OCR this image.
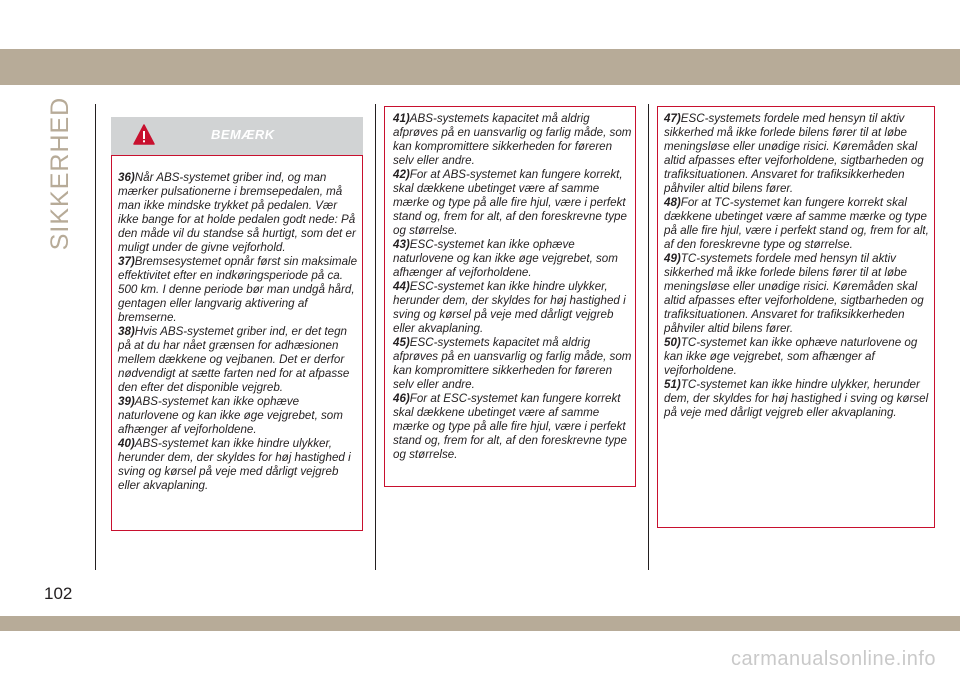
SIKKERHED	BEMÆRK

36)Når ABS-systemet griber ind, og man mærker pulsationerne i bremsepedalen, må man ikke mindske trykket på pedalen. Vær ikke bange for at holde pedalen godt nede: På den måde vil du standse så hurtigt, som det er muligt under de givne vejforhold.

37)Bremsesystemet opnår først sin maksimale effektivitet efter en indkøringsperiode på ca. 500 km. I denne periode bør man undgå hård, gentagen eller langvarig aktivering af bremserne.

38)Hvis ABS-systemet griber ind, er det tegn på at du har nået grænsen for adhæsionen mellem dækkene og vejbanen. Det er derfor nødvendigt at sætte farten ned for at afpasse den efter det disponible vejgreb.

39)ABS-systemet kan ikke ophæve naturlovene og kan ikke øge vejgrebet, som afhænger af vejforholdene.

40)ABS-systemet kan ikke hindre ulykker, herunder dem, der skyldes for høj hastighed i sving og kørsel på veje med dårligt vejgreb eller akvaplaning.

41)ABS-systemets kapacitet må aldrig afprøves på en uansvarlig og farlig måde, som kan kompromittere sikkerheden for føreren selv eller andre.

42)For at ABS-systemet kan fungere korrekt, skal dækkene ubetinget være af samme mærke og type på alle fire hjul, være i perfekt stand og, frem for alt, af den foreskrevne type og størrelse.

43)ESC-systemet kan ikke ophæve naturlovene og kan ikke øge vejgrebet, som afhænger af vejforholdene.

44)ESC-systemet kan ikke hindre ulykker, herunder dem, der skyldes for høj hastighed i sving og kørsel på veje med dårligt vejgreb eller akvaplaning.

45)ESC-systemets kapacitet må aldrig afprøves på en uansvarlig og farlig måde, som kan kompromittere sikkerheden for føreren selv eller andre.

46)For at ESC-systemet kan fungere korrekt skal dækkene ubetinget være af samme mærke og type på alle fire hjul, være i perfekt stand og, frem for alt, af den foreskrevne type og størrelse.

47)ESC-systemets fordele med hensyn til aktiv sikkerhed må ikke forlede bilens fører til at løbe meningsløse eller unødige risici. Køremåden skal altid afpasses efter vejforholdene, sigtbarheden og trafiksituationen. Ansvaret for trafiksikkerheden påhviler altid bilens fører.

48)For at TC-systemet kan fungere korrekt skal dækkene ubetinget være af samme mærke og type på alle fire hjul, være i perfekt stand og, frem for alt, af den foreskrevne type og størrelse.

49)TC-systemets fordele med hensyn til aktiv sikkerhed må ikke forlede bilens fører til at løbe meningsløse eller unødige risici. Køremåden skal altid afpasses efter vejforholdene, sigtbarheden og trafiksituationen. Ansvaret for trafiksikkerheden påhviler altid bilens fører.

50)TC-systemet kan ikke ophæve naturlovene og kan ikke øge vejgrebet, som afhænger af vejforholdene.

51)TC-systemet kan ikke hindre ulykker, herunder dem, der skyldes for høj hastighed i sving og kørsel på veje med dårligt vejgreb eller akvaplaning.

102
carmanualsonline.info
